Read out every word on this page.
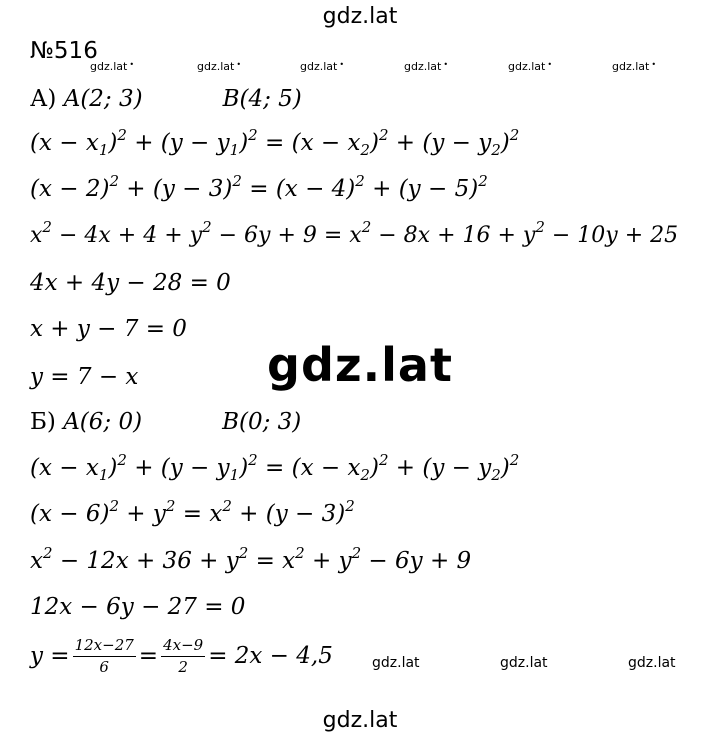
gdz.lat
№516
gdz.lat •	gdz.lat •	gdz.lat •	gdz.lat •	gdz.lat •	gdz.lat •
А) A(2; 3)	B(4; 5)
$(x - x_1)^2 + (y - y_1)^2 = (x - x_2)^2 + (y - y_2)^2$
$(x - 2)^2 + (y - 3)^2 = (x - 4)^2 + (y - 5)^2$
$x^2 - 4x + 4 + y^2 - 6y + 9 = x^2 - 8x + 16 + y^2 - 10y + 25$
4x + 4y − 28 = 0
x + y − 7 = 0
y = 7 − x	gdz.lat
Б) A(6; 0)	B(0; 3)
$(x - x_1)^2 + (y - y_1)^2 = (x - x_2)^2 + (y - y_2)^2$
$(x - 6)^2 + y^2 = x^2 + (y - 3)^2$
$x^2 - 12x + 36 + y^2 = x^2 + y^2 - 6y + 9$
12x − 6y − 27 = 0
$y = \frac{12x-27}{6} = \frac{4x-9}{2} = 2x - 4,5$	gdz.lat	gdz.lat	gdz.lat
gdz.lat
